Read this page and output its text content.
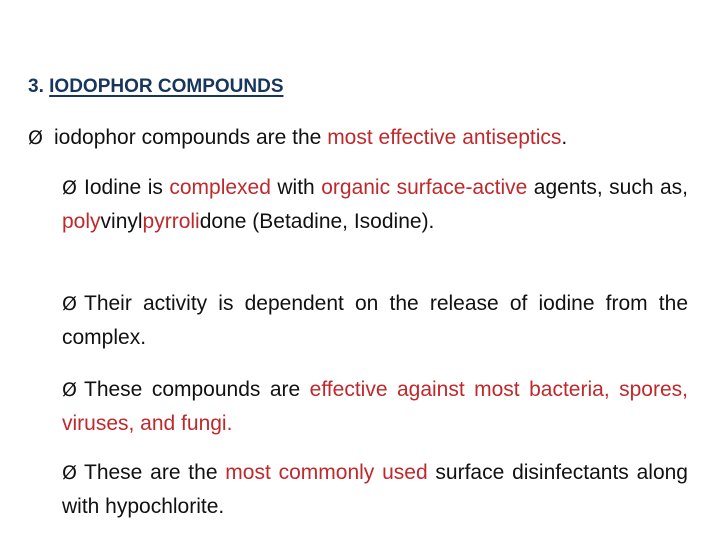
3. IODOPHOR COMPOUNDS
Ø iodophor compounds are the most effective antiseptics.
Ø Iodine is complexed with organic surface-active agents, such as, polyvinylpyrrolidone (Betadine, Isodine).
Ø Their activity is dependent on the release of iodine from the complex.
Ø These compounds are effective against most bacteria, spores, viruses, and fungi.
Ø These are the most commonly used surface disinfectants along with hypochlorite.
